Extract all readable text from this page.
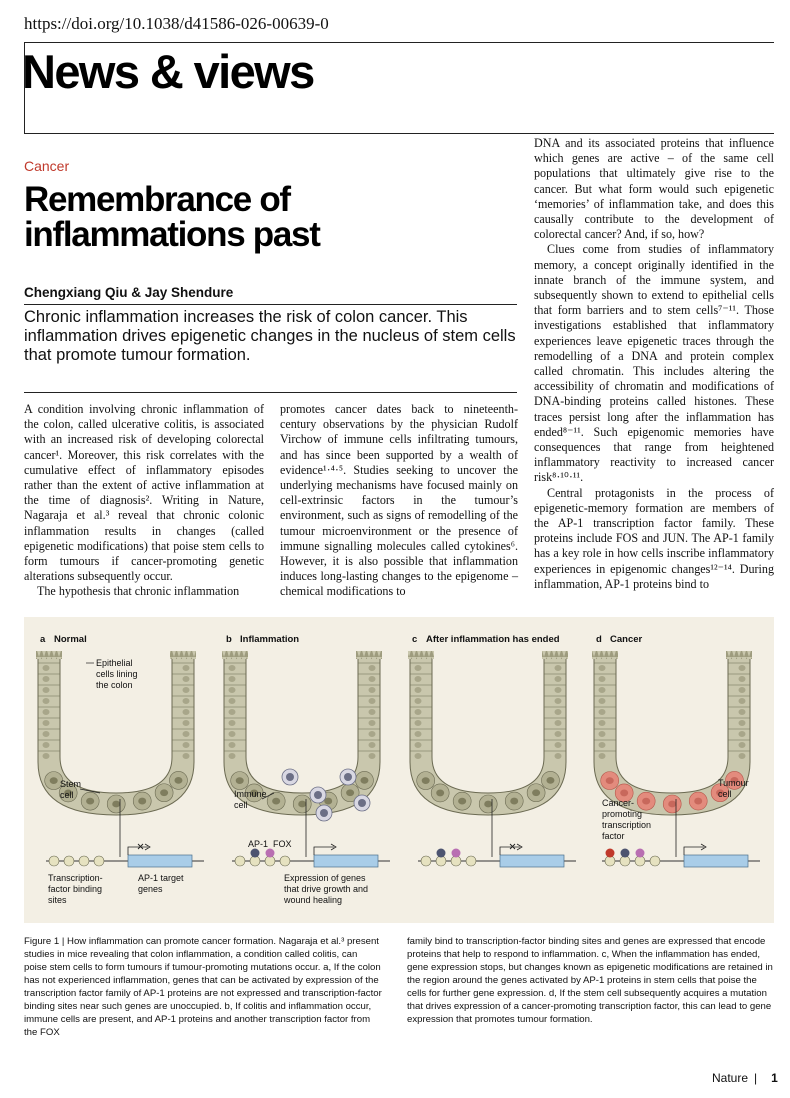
https://doi.org/10.1038/d41586-026-00639-0
News & views
Cancer
Remembrance of inflammations past
Chengxiang Qiu & Jay Shendure
Chronic inflammation increases the risk of colon cancer. This inflammation drives epigenetic changes in the nucleus of stem cells that promote tumour formation.

A condition involving chronic inflammation of the colon, called ulcerative colitis, is associated with an increased risk of developing colorectal cancer¹. Moreover, this risk correlates with the cumulative effect of inflammatory episodes rather than the extent of active inflammation at the time of diagnosis². Writing in Nature, Nagaraja et al.³ reveal that chronic colonic inflammation results in changes (called epigenetic modifications) that poise stem cells to form tumours if cancer-promoting genetic alterations subsequently occur.

The hypothesis that chronic inflammation

promotes cancer dates back to nineteenth-century observations by the physician Rudolf Virchow of immune cells infiltrating tumours, and has since been supported by a wealth of evidence¹·⁴·⁵. Studies seeking to uncover the underlying mechanisms have focused mainly on cell-extrinsic factors in the tumour’s environment, such as signs of remodelling of the tumour microenvironment or the presence of immune signalling molecules called cytokines⁶. However, it is also possible that inflammation induces long-lasting changes to the epigenome – chemical modifications to

DNA and its associated proteins that influence which genes are active – of the same cell populations that ultimately give rise to the cancer. But what form would such epigenetic ‘memories’ of inflammation take, and does this causally contribute to the development of colorectal cancer? And, if so, how?

Clues come from studies of inflammatory memory, a concept originally identified in the innate branch of the immune system, and subsequently shown to extend to epithelial cells that form barriers and to stem cells⁷⁻¹¹. Those investigations established that inflammatory experiences leave epigenetic traces through the remodelling of a DNA and protein complex called chromatin. This includes altering the accessibility of chromatin and modifications of DNA-binding proteins called histones. These traces persist long after the inflammation has ended⁸⁻¹¹. Such epigenomic memories have consequences that range from heightened inflammatory reactivity to increased cancer risk⁸·¹⁰·¹¹.

Central protagonists in the process of epigenetic-memory formation are members of the AP-1 transcription factor family. These proteins include FOS and JUN. The AP-1 family has a key role in how cells inscribe inflammatory experiences in epigenomic changes¹²⁻¹⁴. During inflammation, AP-1 proteins bind to

a Normal	b Inflammation	c After inflammation has ended	d Cancer
Epithelial
cells lining
the colon
Stem
cell
Transcription-
factor binding
sites
AP-1 target
genes
Immune
cell
AP-1 FOX
Expression of genes
that drive growth and
wound healing
Tumour
cell
Cancer-
promoting
transcription
factor
Figure 1 | How inflammation can promote cancer formation. Nagaraja et al.³ present studies in mice revealing that colon inflammation, a condition called colitis, can poise stem cells to form tumours if tumour-promoting mutations occur. a, If the colon has not experienced inflammation, genes that can be activated by expression of the transcription factor family of AP-1 proteins are not expressed and transcription-factor binding sites near such genes are unoccupied. b, If colitis and inflammation occur, immune cells are present, and AP-1 proteins and another transcription factor from the FOX
family bind to transcription-factor binding sites and genes are expressed that encode proteins that help to respond to inflammation. c, When the inflammation has ended, gene expression stops, but changes known as epigenetic modifications are retained in the region around the genes activated by AP-1 proteins in stem cells that poise the cells for further gene expression. d, If the stem cell subsequently acquires a mutation that drives expression of a cancer-promoting transcription factor, this can lead to gene expression that promotes tumour formation.
Nature | 1
